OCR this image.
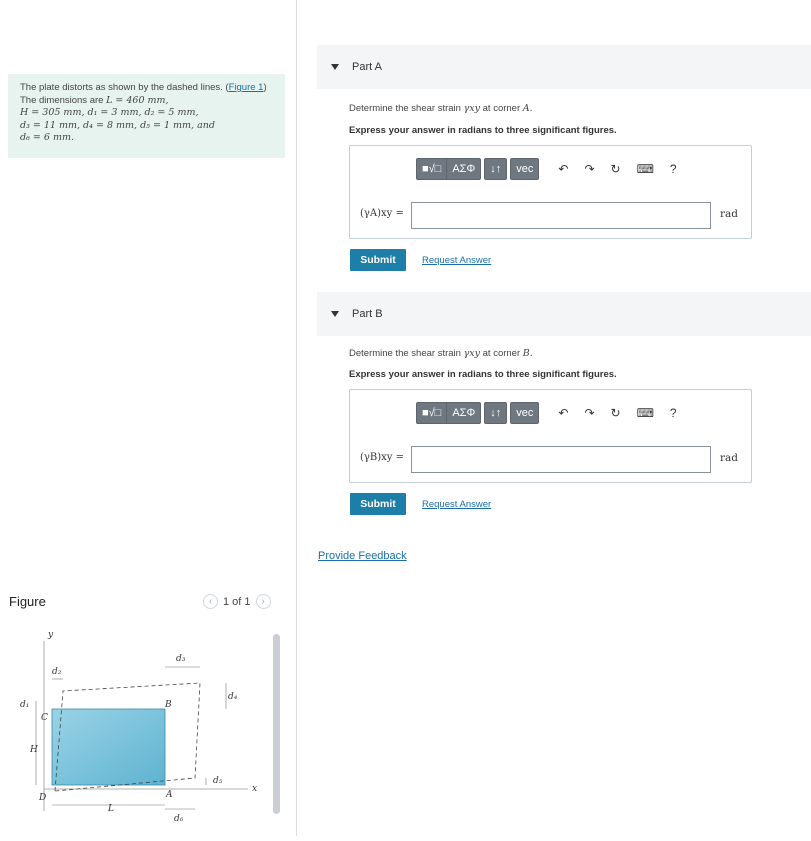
The plate distorts as shown by the dashed lines. (Figure 1) The dimensions are L = 460 mm,
H = 305 mm, d₁ = 3 mm, d₂ = 5 mm,
d₃ = 11 mm, d₄ = 8 mm, d₅ = 1 mm, and
d₆ = 6 mm.
Figure	‹ 1 of 1	›
y
x
d₂
d₃
d₄
d₅
d₆
d₁
C
B
A
D
H
L
Part A
Determine the shear strain γxy at corner A.
Express your answer in radians to three significant figures.
■√□	ΑΣΦ	↓↑	vec	↶ ↷ ↻ ⌨ ?
(γA)xy =	rad
Submit	Request Answer
Part B
Determine the shear strain γxy at corner B.
Express your answer in radians to three significant figures.
■√□	ΑΣΦ	↓↑	vec	↶ ↷ ↻ ⌨ ?
(γB)xy =	rad
Submit	Request Answer
Provide Feedback
